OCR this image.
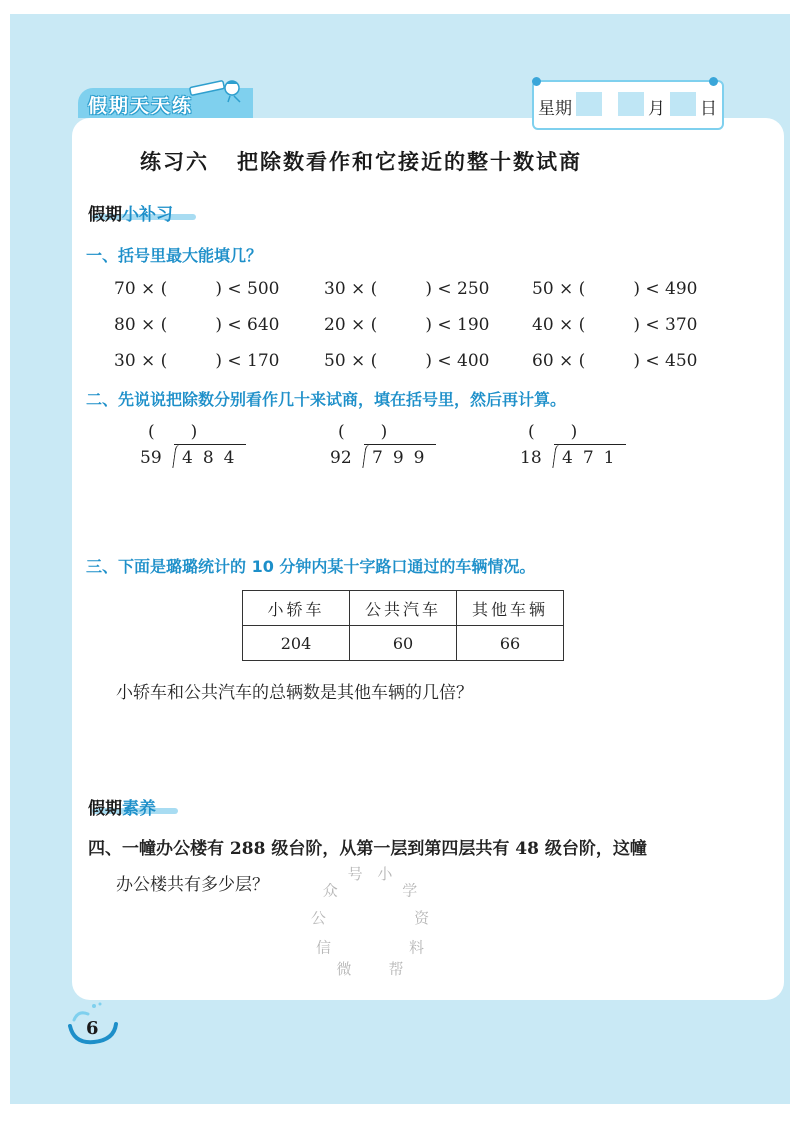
假期天天练	星期	月 日
练习六 把除数看作和它接近的整十数试商
假期小补习
一、括号里最大能填几？
70 × (	) < 500	30 × (	) < 250	50 × (	) < 490
80 × (	) < 640	20 × (	) < 190	40 × (	) < 370
30 × (	) < 170	50 × (	) < 400	60 × (	) < 450
二、先说说把除数分别看作几十来试商，填在括号里，然后再计算。
( )
59	484
( )
92	799
( )
18	471
三、下面是璐璐统计的 10 分钟内某十字路口通过的车辆情况。
小轿车	公共汽车	其他车辆
204	60	66
小轿车和公共汽车的总辆数是其他车辆的几倍？
假期素养
四、一幢办公楼有 288 级台阶，从第一层到第四层共有 48 级台阶，这幢
办公楼共有多少层？
微
信
公
众
号 小
学
资
料
帮
6
